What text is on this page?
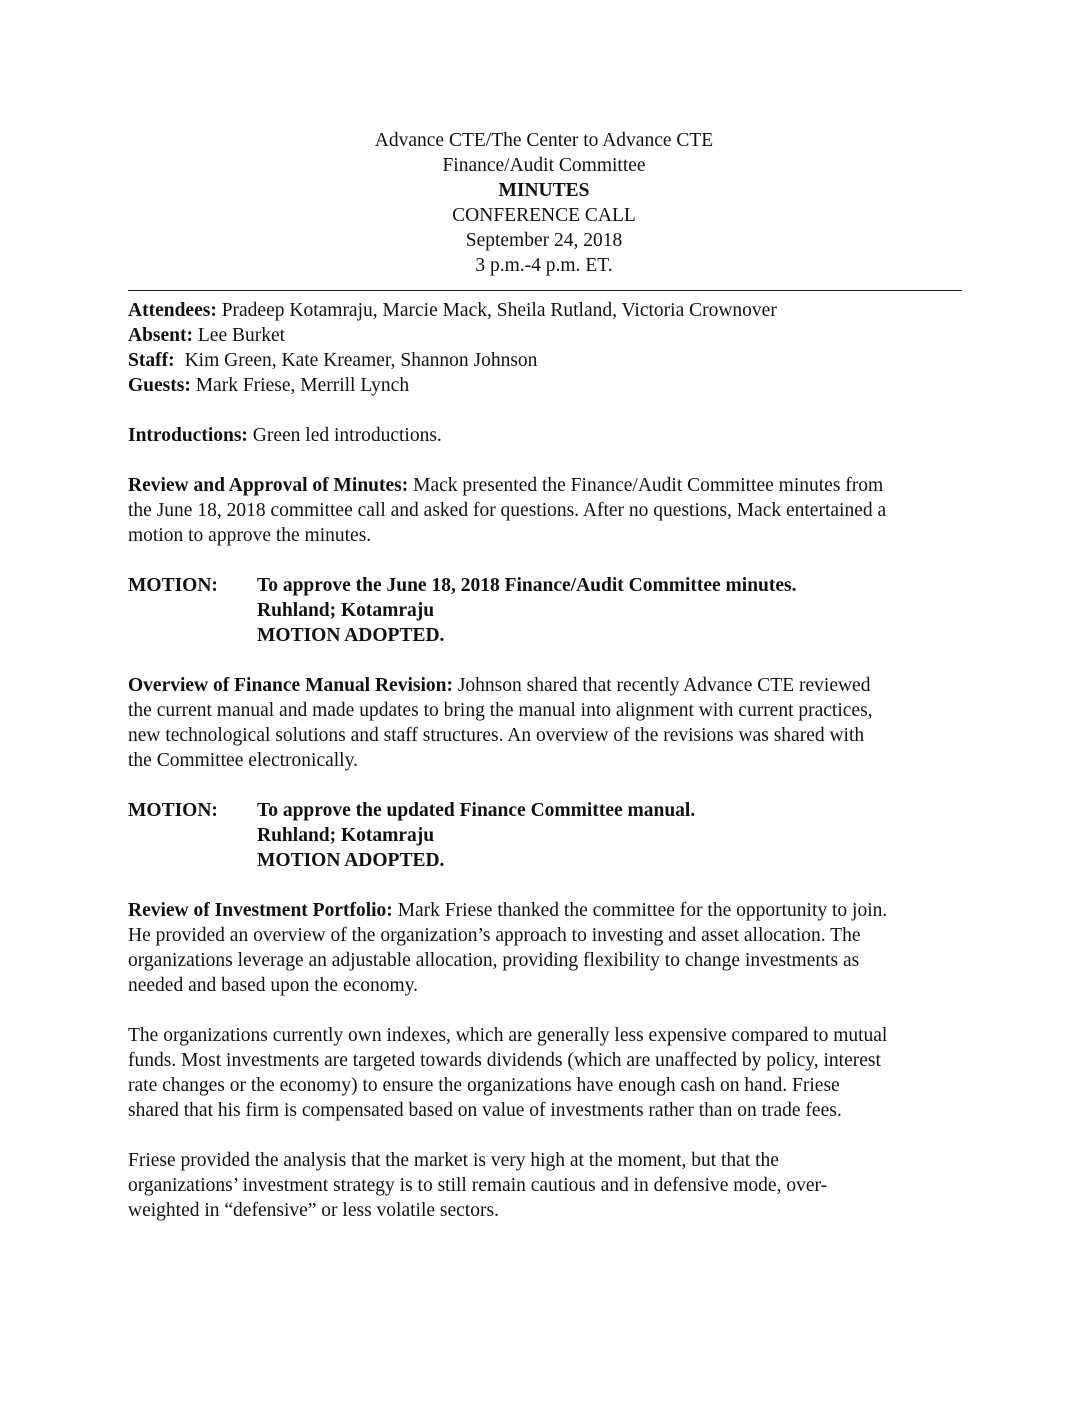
Advance CTE/The Center to Advance CTE
Finance/Audit Committee
MINUTES
CONFERENCE CALL
September 24, 2018
3 p.m.-4 p.m. ET.
Attendees: Pradeep Kotamraju, Marcie Mack, Sheila Rutland, Victoria Crownover
Absent: Lee Burket
Staff: Kim Green, Kate Kreamer, Shannon Johnson
Guests: Mark Friese, Merrill Lynch
Introductions: Green led introductions.
Review and Approval of Minutes: Mack presented the Finance/Audit Committee minutes from
the June 18, 2018 committee call and asked for questions. After no questions, Mack entertained a
motion to approve the minutes.
MOTION:	To approve the June 18, 2018 Finance/Audit Committee minutes.
Ruhland; Kotamraju
MOTION ADOPTED.
Overview of Finance Manual Revision: Johnson shared that recently Advance CTE reviewed
the current manual and made updates to bring the manual into alignment with current practices,
new technological solutions and staff structures. An overview of the revisions was shared with
the Committee electronically.
MOTION:	To approve the updated Finance Committee manual.
Ruhland; Kotamraju
MOTION ADOPTED.
Review of Investment Portfolio: Mark Friese thanked the committee for the opportunity to join.
He provided an overview of the organization’s approach to investing and asset allocation. The
organizations leverage an adjustable allocation, providing flexibility to change investments as
needed and based upon the economy.
The organizations currently own indexes, which are generally less expensive compared to mutual
funds. Most investments are targeted towards dividends (which are unaffected by policy, interest
rate changes or the economy) to ensure the organizations have enough cash on hand. Friese
shared that his firm is compensated based on value of investments rather than on trade fees.
Friese provided the analysis that the market is very high at the moment, but that the
organizations’ investment strategy is to still remain cautious and in defensive mode, over-
weighted in “defensive” or less volatile sectors.
